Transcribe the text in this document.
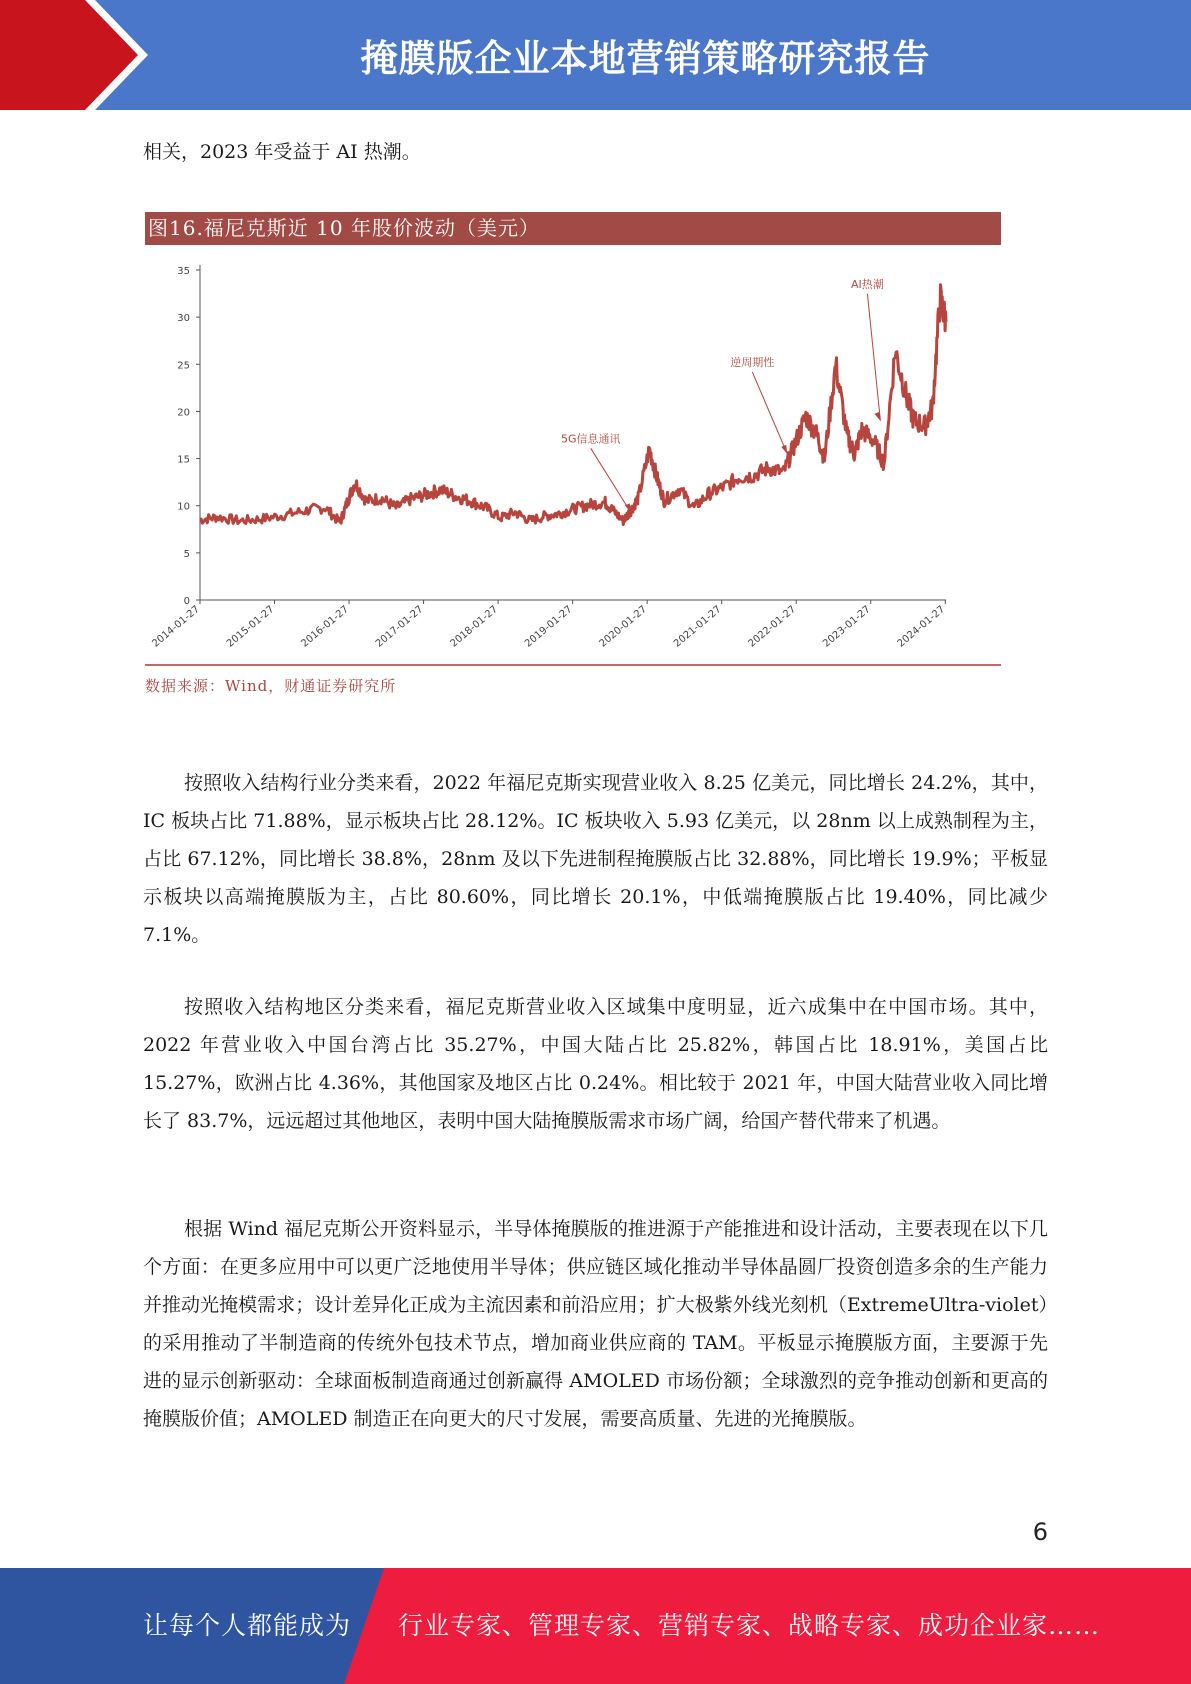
掩膜版企业本地营销策略研究报告
相关，2023 年受益于 AI 热潮。
图16.福尼克斯近 10 年股价波动（美元）
0
5
10
15
20
25
30
35
2014-01-27 2015-01-27 2016-01-27 2017-01-27 2018-01-27 2019-01-27 2020-01-27 2021-01-27 2022-01-27 2023-01-27 2024-01-27
5G信息通讯
逆周期性
AI热潮
数据来源：Wind，财通证券研究所

按照收入结构行业分类来看，2022 年福尼克斯实现营业收入 8.25 亿美元，同比增长 24.2%，其中，IC 板块占比 71.88%，显示板块占比 28.12%。IC 板块收入 5.93 亿美元，以 28nm 以上成熟制程为主，占比 67.12%，同比增长 38.8%，28nm 及以下先进制程掩膜版占比 32.88%，同比增长 19.9%；平板显示板块以高端掩膜版为主，占比 80.60%，同比增长 20.1%，中低端掩膜版占比 19.40%，同比减少 7.1%。

按照收入结构地区分类来看，福尼克斯营业收入区域集中度明显，近六成集中在中国市场。其中，2022 年营业收入中国台湾占比 35.27%，中国大陆占比 25.82%，韩国占比 18.91%，美国占比 15.27%，欧洲占比 4.36%，其他国家及地区占比 0.24%。相比较于 2021 年，中国大陆营业收入同比增长了 83.7%，远远超过其他地区，表明中国大陆掩膜版需求市场广阔，给国产替代带来了机遇。

根据 Wind 福尼克斯公开资料显示，半导体掩膜版的推进源于产能推进和设计活动，主要表现在以下几个方面：在更多应用中可以更广泛地使用半导体；供应链区域化推动半导体晶圆厂投资创造多余的生产能力并推动光掩模需求；设计差异化正成为主流因素和前沿应用；扩大极紫外线光刻机（ExtremeUltra-violet）的采用推动了半制造商的传统外包技术节点，增加商业供应商的 TAM。平板显示掩膜版方面，主要源于先进的显示创新驱动：全球面板制造商通过创新赢得 AMOLED 市场份额；全球激烈的竞争推动创新和更高的掩膜版价值；AMOLED 制造正在向更大的尺寸发展，需要高质量、先进的光掩膜版。

6
让每个人都能成为 行业专家、管理专家、营销专家、战略专家、成功企业家……
